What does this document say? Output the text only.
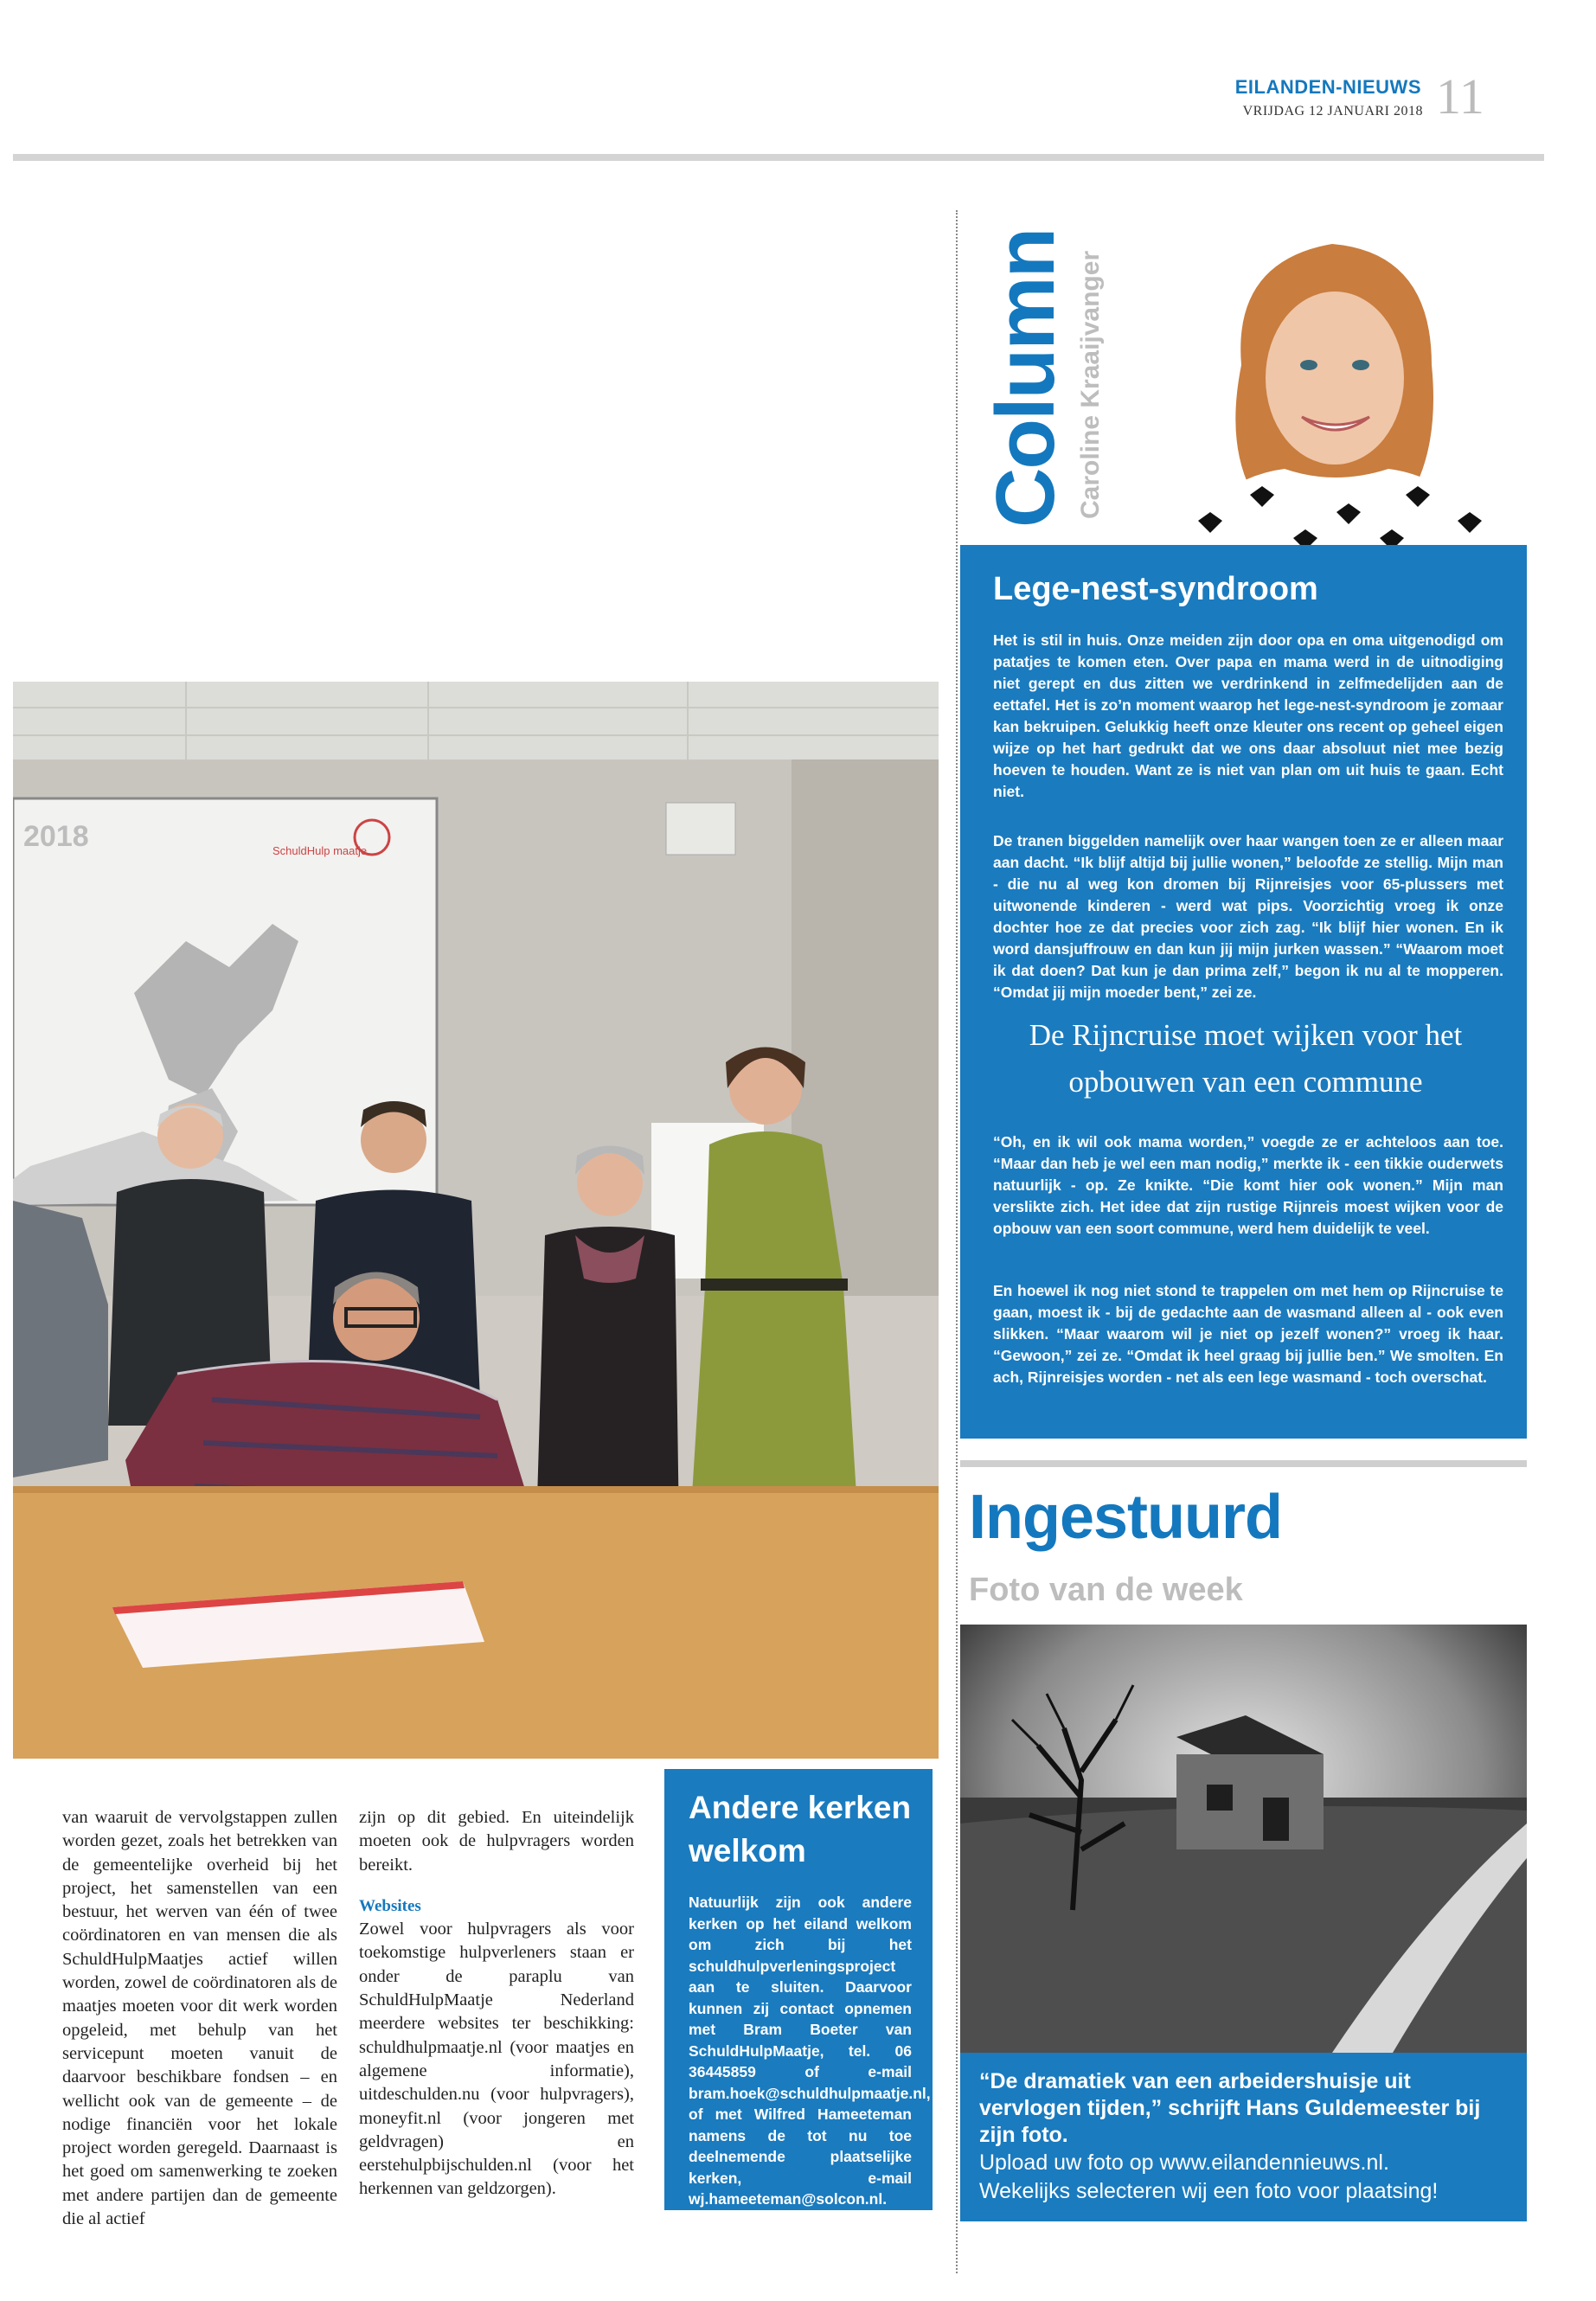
EILANDEN-NIEUWS
VRIJDAG 12 JANUARI 2018 11
2018	SchuldHulp maatje
Column Caroline Kraaijvanger
Lege-nest-syndroom
Het is stil in huis. Onze meiden zijn door opa en oma uitgenodigd om patatjes te komen eten. Over papa en mama werd in de uitnodiging niet gerept en dus zitten we verdrinkend in zelfmedelijden aan de eettafel. Het is zo’n moment waarop het lege-nest-syndroom je zomaar kan bekruipen. Gelukkig heeft onze kleuter ons recent op geheel eigen wijze op het hart gedrukt dat we ons daar absoluut niet mee bezig hoeven te houden. Want ze is niet van plan om uit huis te gaan. Echt niet.
De tranen biggelden namelijk over haar wangen toen ze er alleen maar aan dacht. “Ik blijf altijd bij jullie wonen,” beloofde ze stellig. Mijn man - die nu al weg kon dromen bij Rijnreisjes voor 65-plussers met uitwonende kinderen - werd wat pips. Voorzichtig vroeg ik onze dochter hoe ze dat precies voor zich zag. “Ik blijf hier wonen. En ik word dansjuffrouw en dan kun jij mijn jurken wassen.” “Waarom moet ik dat doen? Dat kun je dan prima zelf,” begon ik nu al te mopperen. “Omdat jij mijn moeder bent,” zei ze.
De Rijncruise moet wijken voor het opbouwen van een commune
“Oh, en ik wil ook mama worden,” voegde ze er achteloos aan toe. “Maar dan heb je wel een man nodig,” merkte ik - een tikkie ouderwets natuurlijk - op. Ze knikte. “Die komt hier ook wonen.” Mijn man verslikte zich. Het idee dat zijn rustige Rijnreis moest wijken voor de opbouw van een soort commune, werd hem duidelijk te veel.
En hoewel ik nog niet stond te trappelen om met hem op Rijncruise te gaan, moest ik - bij de gedachte aan de wasmand alleen al - ook even slikken. “Maar waarom wil je niet op jezelf wonen?” vroeg ik haar. “Gewoon,” zei ze. “Omdat ik heel graag bij jullie ben.” We smolten. En ach, Rijnreisjes worden - net als een lege wasmand - toch overschat.
Ingestuurd
Foto van de week
“De dramatiek van een arbeidershuisje uit vervlogen tijden,” schrijft Hans Guldemeester bij zijn foto.
Upload uw foto op www.eilandennieuws.nl.
Wekelijks selecteren wij een foto voor plaatsing!
van waaruit de vervolgstappen zullen worden gezet, zoals het betrekken van de gemeentelijke overheid bij het project, het samenstellen van een bestuur, het werven van één of twee coördinatoren en van mensen die als SchuldHulpMaatjes actief willen worden, zowel de coördinatoren als de maatjes moeten voor dit werk worden opgeleid, met behulp van het servicepunt moeten vanuit de daarvoor beschikbare fondsen – en wellicht ook van de gemeente – de nodige financiën voor het lokale project worden geregeld. Daarnaast is het goed om samenwerking te zoeken met andere partijen dan de gemeente die al actief
zijn op dit gebied. En uiteindelijk moeten ook de hulpvragers worden bereikt.
Websites
Zowel voor hulpvragers als voor toekomstige hulpverleners staan er onder de paraplu van SchuldHulpMaatje Nederland meerdere websites ter beschikking: schuldhulpmaatje.nl (voor maatjes en algemene informatie), uitdeschulden.nu (voor hulpvragers), moneyfit.nl (voor jongeren met geldvragen) en eerstehulpbijschulden.nl (voor het herkennen van geldzorgen).
Andere kerken welkom
Natuurlijk zijn ook andere kerken op het eiland welkom om zich bij het schuldhulpverleningsproject aan te sluiten. Daarvoor kunnen zij contact opnemen met Bram Boeter van SchuldHulpMaatje, tel. 06 36445859 of e-mail bram.hoek@schuldhulpmaatje.nl, of met Wilfred Hameeteman namens de tot nu toe deelnemende plaatselijke kerken, e-mail wj.hameeteman@solcon.nl.
